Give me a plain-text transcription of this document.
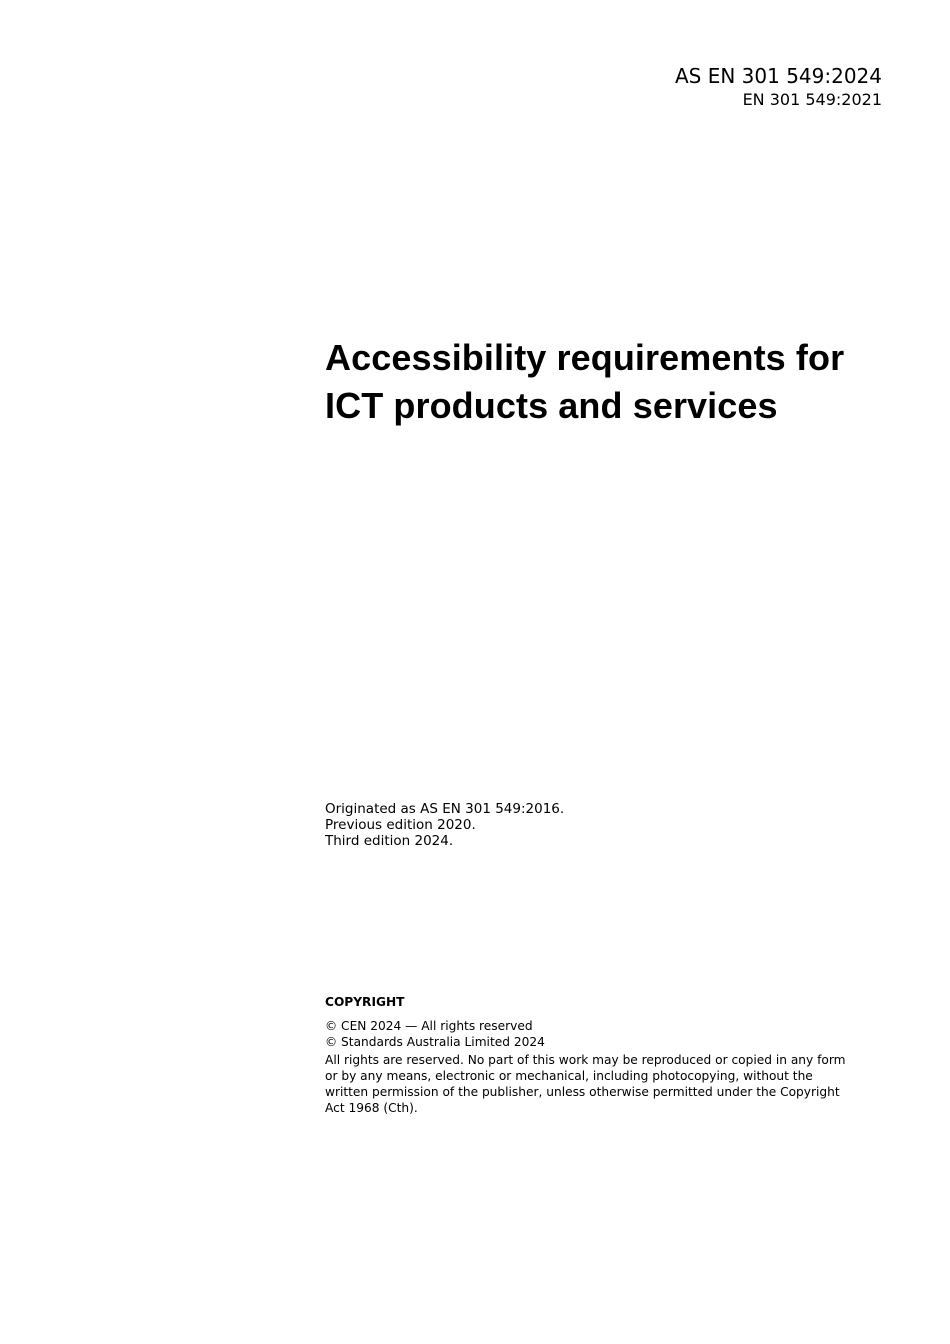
AS EN 301 549:2024
EN 301 549:2021
Accessibility requirements for
ICT products and services
Originated as AS EN 301 549:2016.
Previous edition 2020.
Third edition 2024.
COPYRIGHT
© CEN 2024 — All rights reserved
© Standards Australia Limited 2024

All rights are reserved. No part of this work may be reproduced or copied in any form or by any means, electronic or mechanical, including photocopying, without the written permission of the publisher, unless otherwise permitted under the Copyright Act 1968 (Cth).
